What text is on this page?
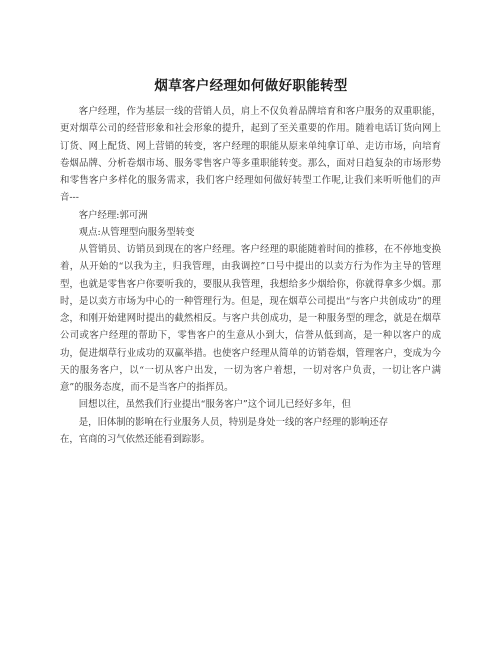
烟草客户经理如何做好职能转型

客户经理，作为基层一线的营销人员，肩上不仅负着品牌培育和客户服务的双重职能，更对烟草公司的经营形象和社会形象的提升，起到了至关重要的作用。随着电话订货向网上订货、网上配货、网上营销的转变，客户经理的职能从原来单纯拿订单、走访市场，向培育卷烟品牌、分析卷烟市场、服务零售客户等多重职能转变。那么，面对日趋复杂的市场形势和零售客户多样化的服务需求，我们客户经理如何做好转型工作呢,让我们来听听他们的声音---

客户经理:郭可洲

观点:从管理型向服务型转变

从管销员、访销员到现在的客户经理。客户经理的职能随着时间的推移，在不停地变换着，从开始的“以我为主，归我管理，由我调控”口号中提出的以卖方行为作为主导的管理型，也就是零售客户你要听我的，要服从我管理，我想给多少烟给你，你就得拿多少烟。那时，是以卖方市场为中心的一种管理行为。但是，现在烟草公司提出“与客户共创成功”的理念，和刚开始建网时提出的截然相反。与客户共创成功，是一种服务型的理念，就是在烟草公司或客户经理的帮助下，零售客户的生意从小到大，信誉从低到高，是一种以客户的成功，促进烟草行业成功的双赢举措。也使客户经理从简单的访销卷烟，管理客户，变成为今天的服务客户，以“一切从客户出发，一切为客户着想，一切对客户负责，一切让客户满意”的服务态度，而不是当客户的指挥员。

回想以往，虽然我们行业提出“服务客户”这个词儿已经好多年，但
是，旧体制的影响在行业服务人员，特别是身处一线的客户经理的影响还存
在，官商的习气依然还能看到踪影。
